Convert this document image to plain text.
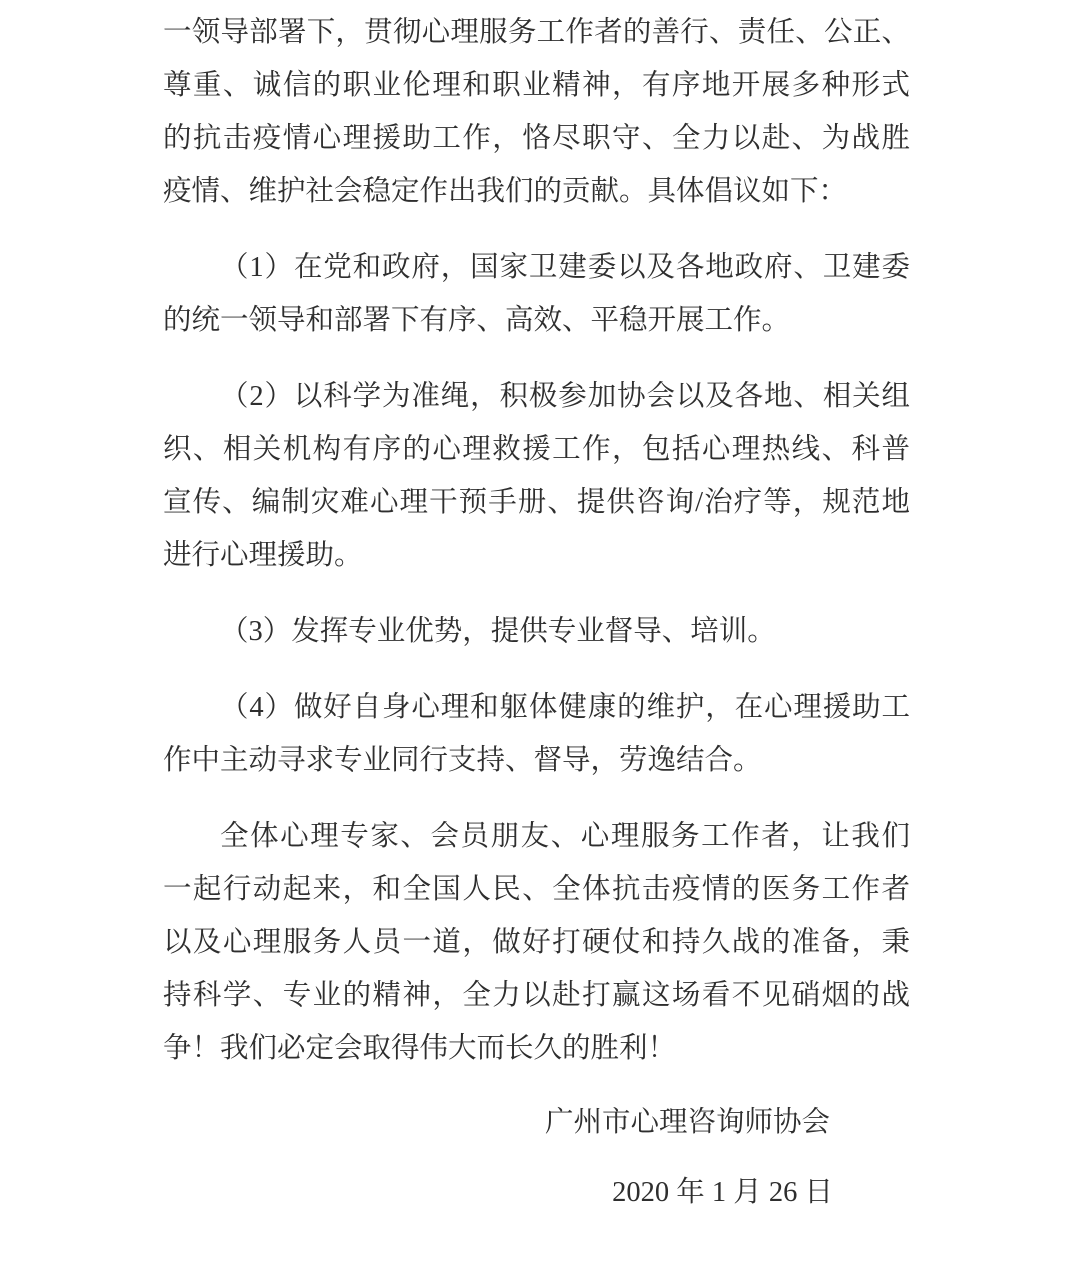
一领导部署下，贯彻心理服务工作者的善行、责任、公正、
尊重、诚信的职业伦理和职业精神，有序地开展多种形式
的抗击疫情心理援助工作，恪尽职守、全力以赴、为战胜
疫情、维护社会稳定作出我们的贡献。具体倡议如下：
（1）在党和政府，国家卫建委以及各地政府、卫建委
的统一领导和部署下有序、高效、平稳开展工作。
（2）以科学为准绳，积极参加协会以及各地、相关组
织、相关机构有序的心理救援工作，包括心理热线、科普
宣传、编制灾难心理干预手册、提供咨询/治疗等，规范地
进行心理援助。
（3）发挥专业优势，提供专业督导、培训。
（4）做好自身心理和躯体健康的维护，在心理援助工
作中主动寻求专业同行支持、督导，劳逸结合。
全体心理专家、会员朋友、心理服务工作者，让我们
一起行动起来，和全国人民、全体抗击疫情的医务工作者
以及心理服务人员一道，做好打硬仗和持久战的准备，秉
持科学、专业的精神，全力以赴打赢这场看不见硝烟的战
争！我们必定会取得伟大而长久的胜利！
广州市心理咨询师协会
2020 年 1 月 26 日
